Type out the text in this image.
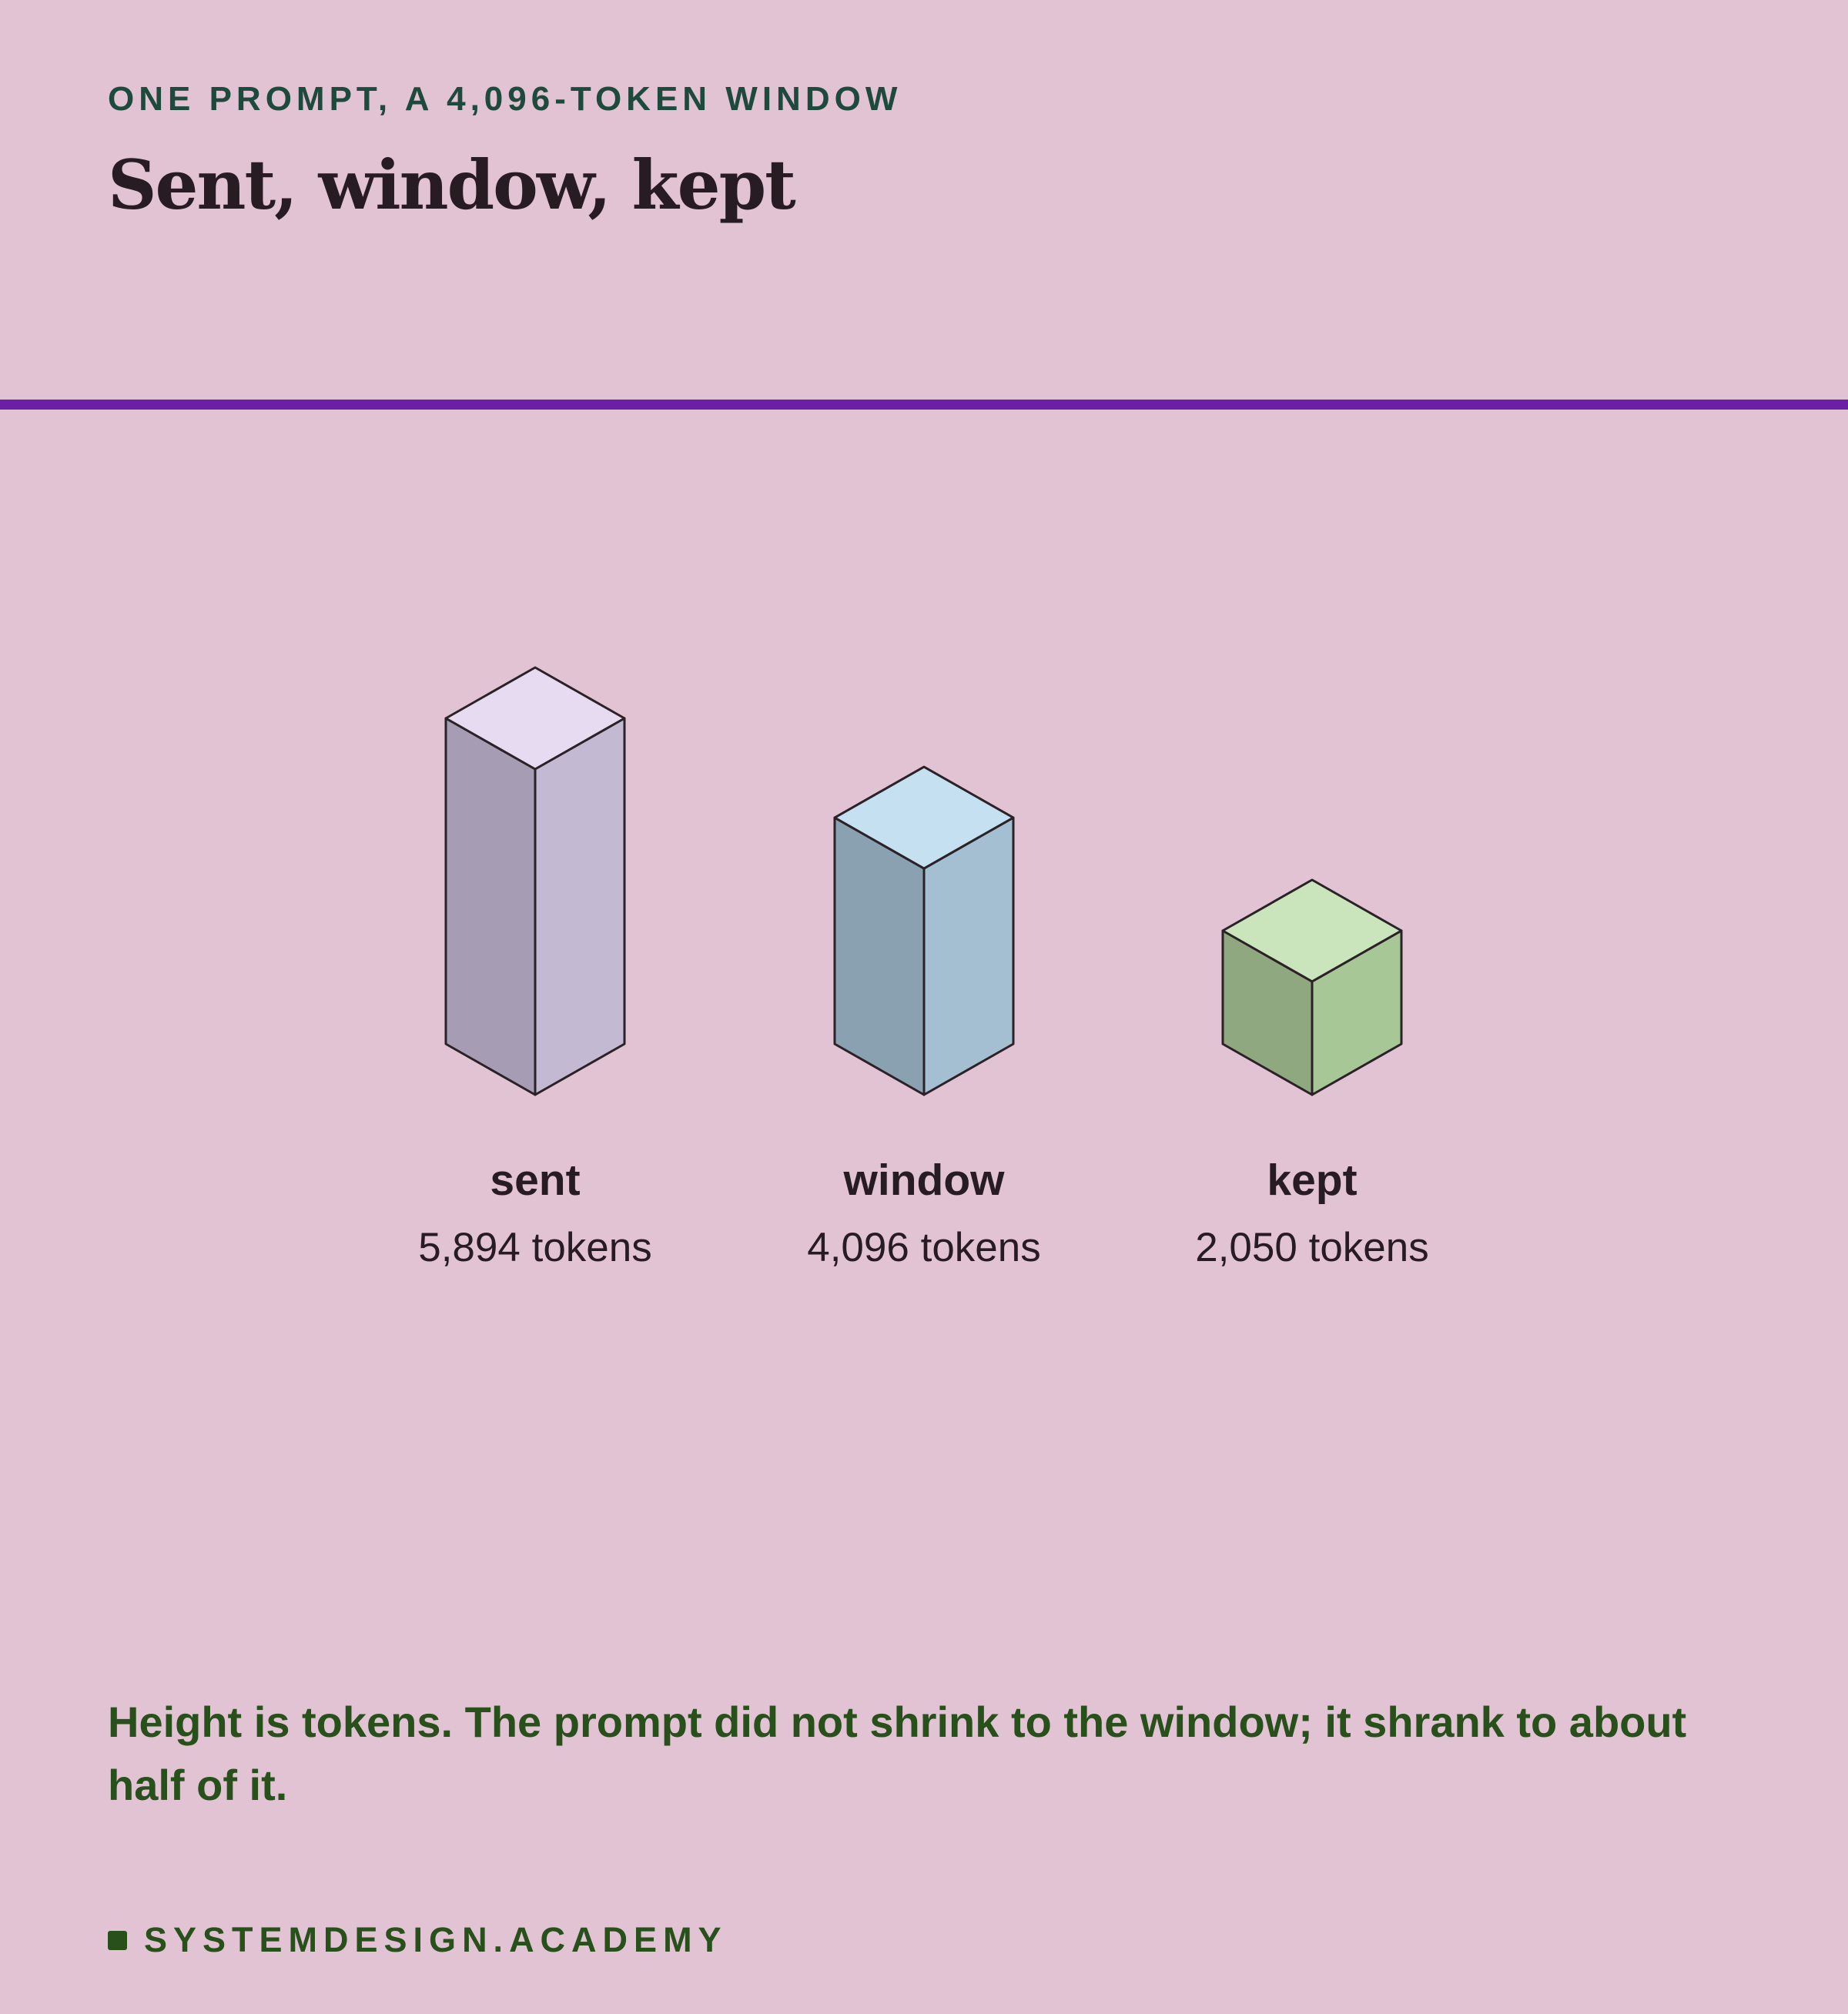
ONE PROMPT, A 4,096-TOKEN WINDOW
Sent, window, kept
sent
5,894 tokens
window
4,096 tokens
kept
2,050 tokens
Height is tokens. The prompt did not shrink to the window; it shrank to about half of it.
SYSTEMDESIGN.ACADEMY
